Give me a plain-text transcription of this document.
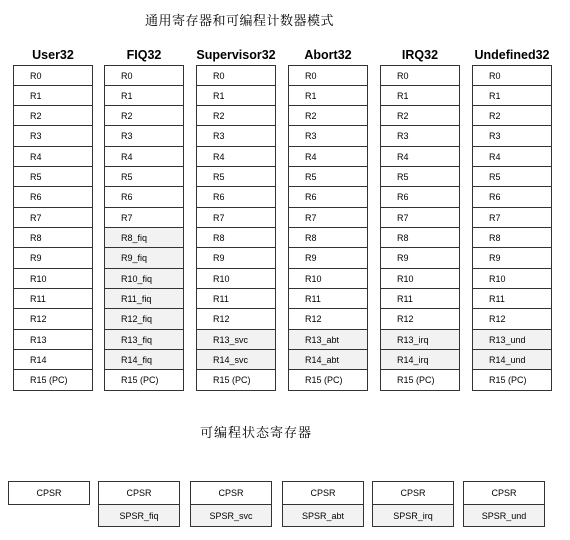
通用寄存器和可编程计数器模式
User32
R0
R1
R2
R3
R4
R5
R6
R7
R8
R9
R10
R11
R12
R13
R14
R15 (PC)
FIQ32
R0
R1
R2
R3
R4
R5
R6
R7
R8_fiq
R9_fiq
R10_fiq
R11_fiq
R12_fiq
R13_fiq
R14_fiq
R15 (PC)
Supervisor32
R0
R1
R2
R3
R4
R5
R6
R7
R8
R9
R10
R11
R12
R13_svc
R14_svc
R15 (PC)
Abort32
R0
R1
R2
R3
R4
R5
R6
R7
R8
R9
R10
R11
R12
R13_abt
R14_abt
R15 (PC)
IRQ32
R0
R1
R2
R3
R4
R5
R6
R7
R8
R9
R10
R11
R12
R13_irq
R14_irq
R15 (PC)
Undefined32
R0
R1
R2
R3
R4
R5
R6
R7
R8
R9
R10
R11
R12
R13_und
R14_und
R15 (PC)
可编程状态寄存器
CPSR	CPSR
SPSR_fiq
CPSR
SPSR_svc
CPSR
SPSR_abt
CPSR
SPSR_irq
CPSR
SPSR_und
